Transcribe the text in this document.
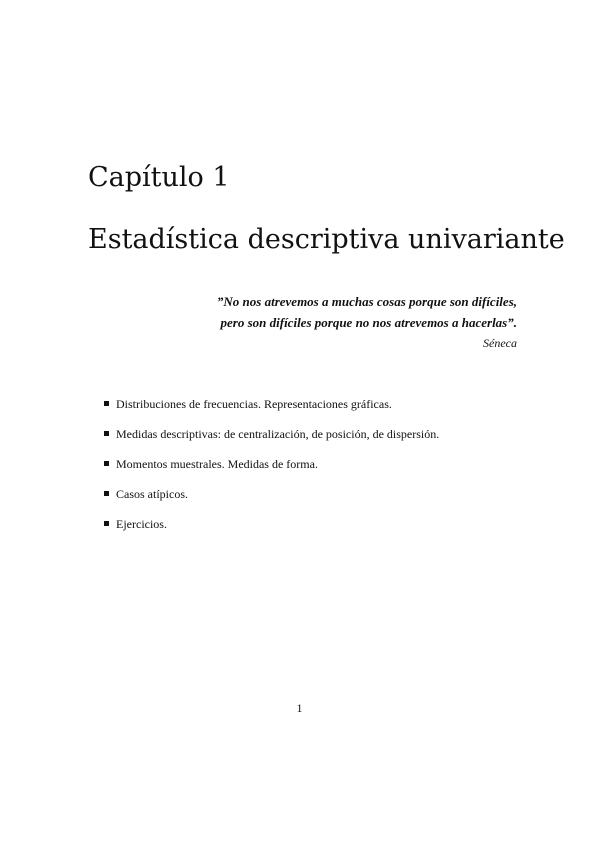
Capítulo 1
Estadística descriptiva univariante
”No nos atrevemos a muchas cosas porque son difíciles,
pero son difíciles porque no nos atrevemos a hacerlas”.
Séneca
Distribuciones de frecuencias. Representaciones gráficas.
Medidas descriptivas: de centralización, de posición, de dispersión.
Momentos muestrales. Medidas de forma.
Casos atípicos.
Ejercicios.
1
